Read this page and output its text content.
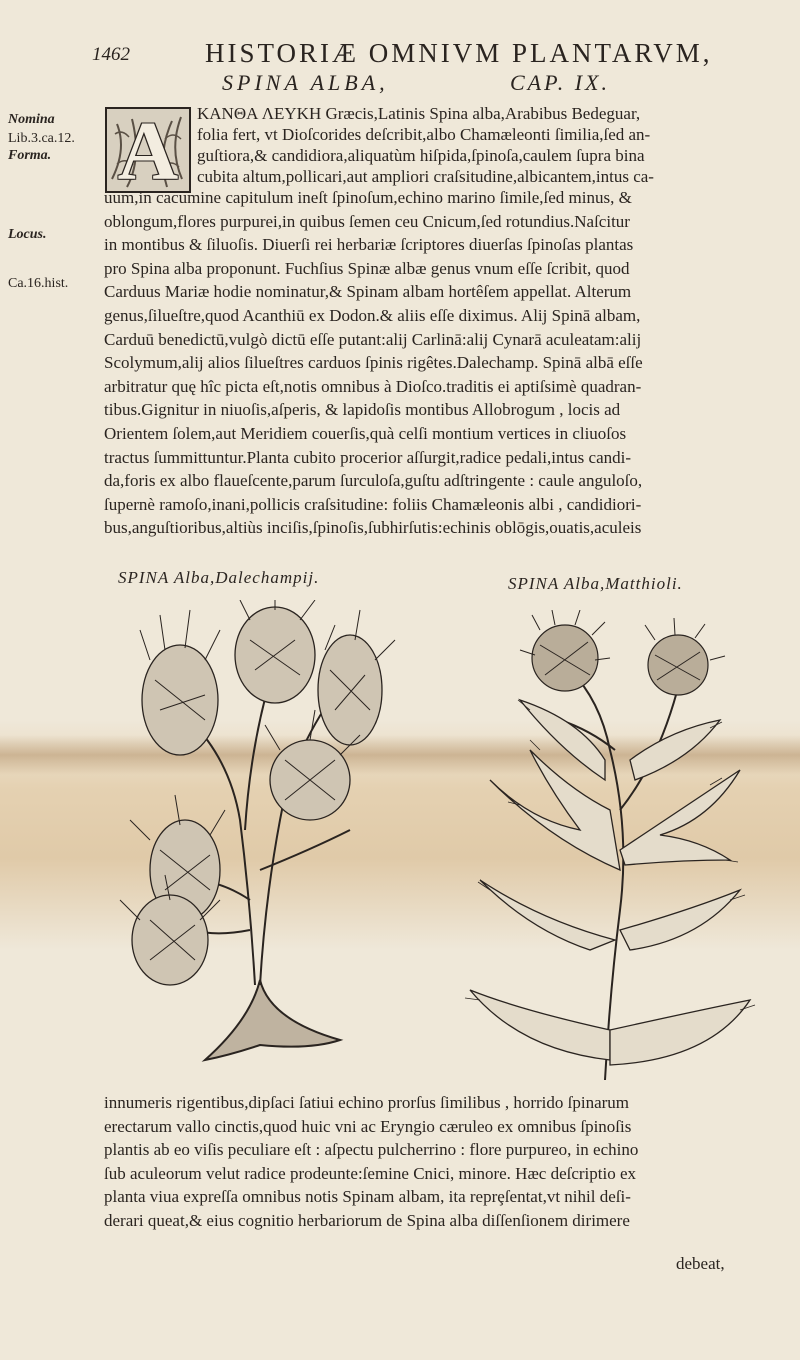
1462	HISTORIÆ OMNIVM PLANTARVM,
SPINA ALBA,	CAP. IX.
Nomina
Lib.3.ca.12.
Forma.
Locus.
Ca.16.hist.
A	KANΘA ΛΕΥΚΗ Græcis,Latinis Spina alba,Arabibus Bedeguar,
folia fert, vt Dioſcorides deſcribit,albo Chamæleonti ſimilia,ſed an-
guſtiora,& candidiora,aliquatùm hiſpida,ſpinoſa,caulem ſupra bina
cubita altum,pollicari,aut ampliori craſsitudine,albicantem,intus ca-
uum,in cacumine capitulum ineſt ſpinoſum,echino marino ſimile,ſed minus, &
oblongum,flores purpurei,in quibus ſemen ceu Cnicum,ſed rotundius.Naſcitur
in montibus & ſiluoſis. Diuerſi rei herbariæ ſcriptores diuerſas ſpinoſas plantas
pro Spina alba proponunt. Fuchſius Spinæ albæ genus vnum eſſe ſcribit, quod
Carduus Mariæ hodie nominatur,& Spinam albam hortêſem appellat. Alterum
genus,ſilueſtre,quod Acanthiū ex Dodon.& aliis eſſe diximus. Alij Spinā albam,
Carduū benedictū,vulgò dictū eſſe putant:alij Carlinā:alij Cynarā aculeatam:alij
Scolymum,alij alios ſilueſtres carduos ſpinis rigêtes.Dalechamp. Spinā albā eſſe
arbitratur quę hîc picta eſt,notis omnibus à Dioſco.traditis ei aptiſsimè quadran-
tibus.Gignitur in niuoſis,aſperis, & lapidoſis montibus Allobrogum , locis ad
Orientem ſolem,aut Meridiem couerſis,quà celſi montium vertices in cliuoſos
tractus ſummittuntur.Planta cubito procerior aſſurgit,radice pedali,intus candi-
da,foris ex albo flaueſcente,parum ſurculoſa,guſtu adſtringente : caule anguloſo,
ſupernè ramoſo,inani,pollicis craſsitudine: foliis Chamæleonis albi , candidiori-
bus,anguſtioribus,altiùs inciſis,ſpinoſis,ſubhirſutis:echinis oblōgis,ouatis,aculeis
SPINA Alba,Dalechampij.	SPINA Alba,Matthioli.
innumeris rigentibus,dipſaci ſatiui echino prorſus ſimilibus , horrido ſpinarum
erectarum vallo cinctis,quod huic vni ac Eryngio cæruleo ex omnibus ſpinoſis
plantis ab eo viſis peculiare eſt : aſpectu pulcherrino : flore purpureo, in echino
ſub aculeorum velut radice prodeunte:ſemine Cnici, minore. Hæc deſcriptio ex
planta viua expreſſa omnibus notis Spinam albam, ita reprȩſentat,vt nihil deſi-
derari queat,& eius cognitio herbariorum de Spina alba diſſenſionem dirimere
debeat,
